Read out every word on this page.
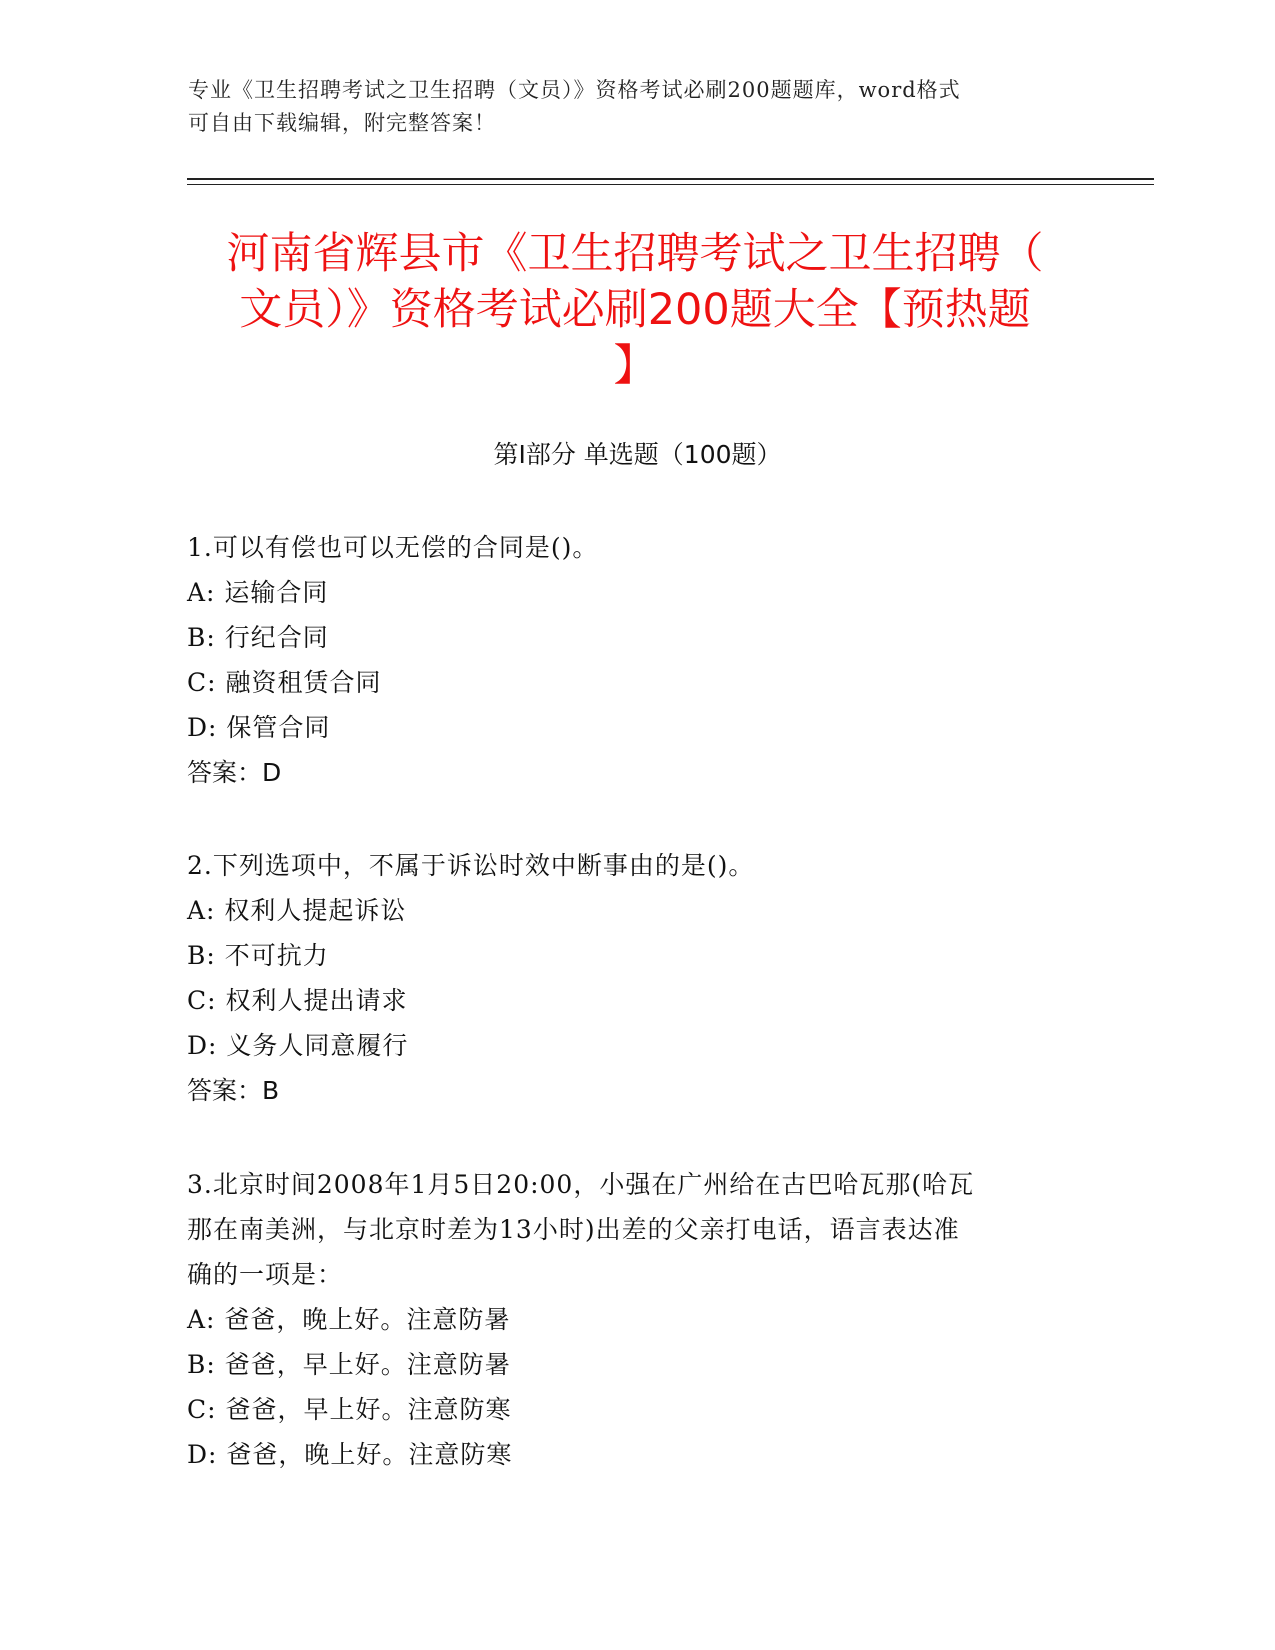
专业《卫生招聘考试之卫生招聘（文员）》资格考试必刷200题题库，word格式
可自由下载编辑，附完整答案！
河南省辉县市《卫生招聘考试之卫生招聘（
文员）》资格考试必刷200题大全【预热题
】
第Ⅰ部分 单选题（100题）
1.可以有偿也可以无偿的合同是()。
A: 运输合同
B: 行纪合同
C: 融资租赁合同
D: 保管合同
答案：D
2.下列选项中，不属于诉讼时效中断事由的是()。
A: 权利人提起诉讼
B: 不可抗力
C: 权利人提出请求
D: 义务人同意履行
答案：B
3.北京时间2008年1月5日20:00，小强在广州给在古巴哈瓦那(哈瓦
那在南美洲，与北京时差为13小时)出差的父亲打电话，语言表达准
确的一项是：
A: 爸爸，晚上好。注意防暑
B: 爸爸，早上好。注意防暑
C: 爸爸，早上好。注意防寒
D: 爸爸，晚上好。注意防寒
